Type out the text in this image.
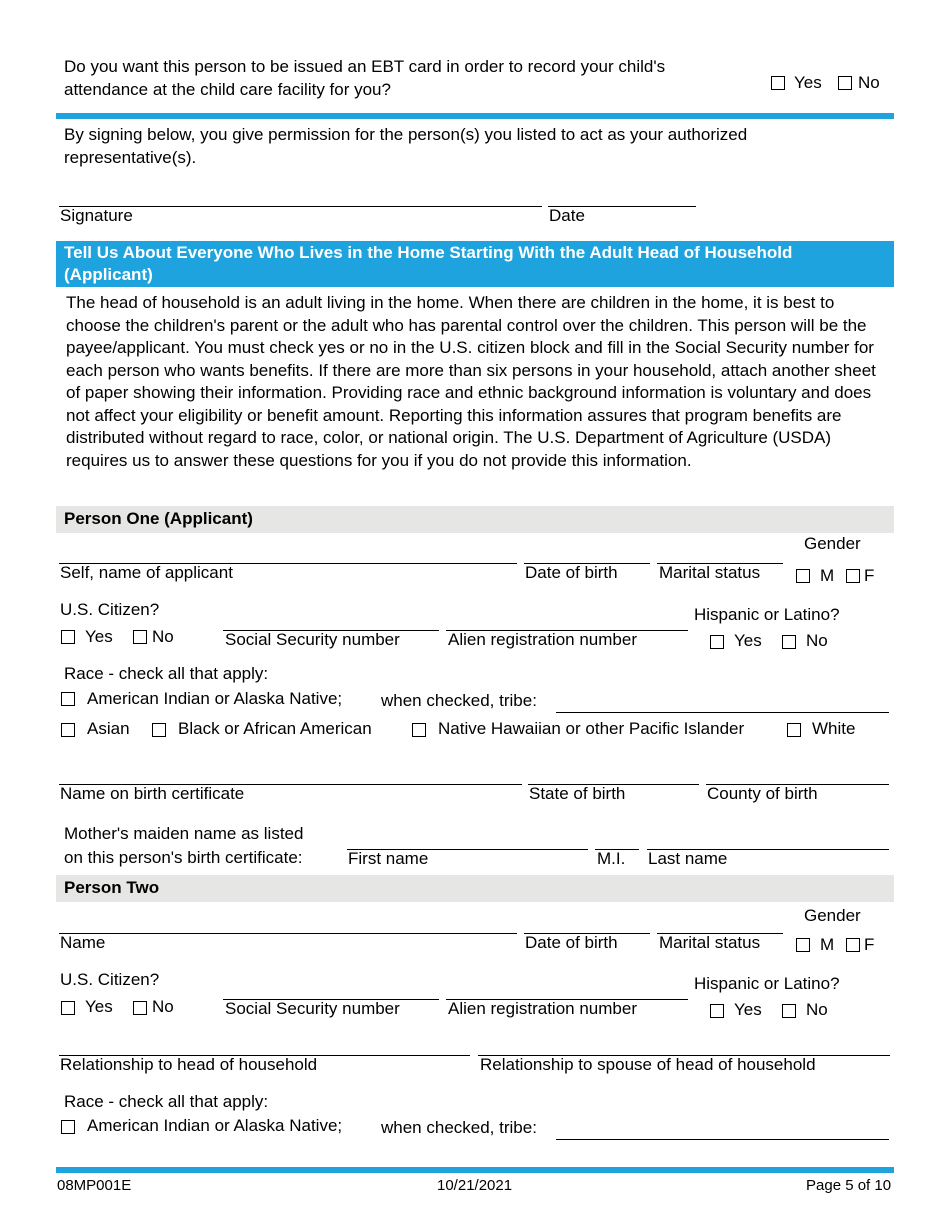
Do you want this person to be issued an EBT card in order to record your child's attendance at the child care facility for you?	Yes No
By signing below, you give permission for the person(s) you listed to act as your authorized representative(s).
Signature	Date
Tell Us About Everyone Who Lives in the Home Starting With the Adult Head of Household (Applicant)
The head of household is an adult living in the home. When there are children in the home, it is best to choose the children's parent or the adult who has parental control over the children. This person will be the payee/applicant. You must check yes or no in the U.S. citizen block and fill in the Social Security number for each person who wants benefits. If there are more than six persons in your household, attach another sheet of paper showing their information. Providing race and ethnic background information is voluntary and does not affect your eligibility or benefit amount. Reporting this information assures that program benefits are distributed without regard to race, color, or national origin. The U.S. Department of Agriculture (USDA) requires us to answer these questions for you if you do not provide this information.
Person One (Applicant)
Gender
Self, name of applicant	Date of birth Marital status	M F
U.S. Citizen?	Hispanic or Latino?
Yes No	Social Security number	Alien registration number	Yes	No
Race - check all that apply:
American Indian or Alaska Native; when checked, tribe:
Asian	Black or African American	Native Hawaiian or other Pacific Islander	White
Name on birth certificate	State of birth	County of birth
Mother's maiden name as listed
on this person's birth certificate:	First name	M.I. Last name
Person Two
Gender
Name	Date of birth Marital status	M F
U.S. Citizen?	Hispanic or Latino?
Yes No	Social Security number	Alien registration number	Yes	No
Relationship to head of household	Relationship to spouse of head of household
Race - check all that apply:
American Indian or Alaska Native; when checked, tribe:
08MP001E	10/21/2021	Page 5 of 10
